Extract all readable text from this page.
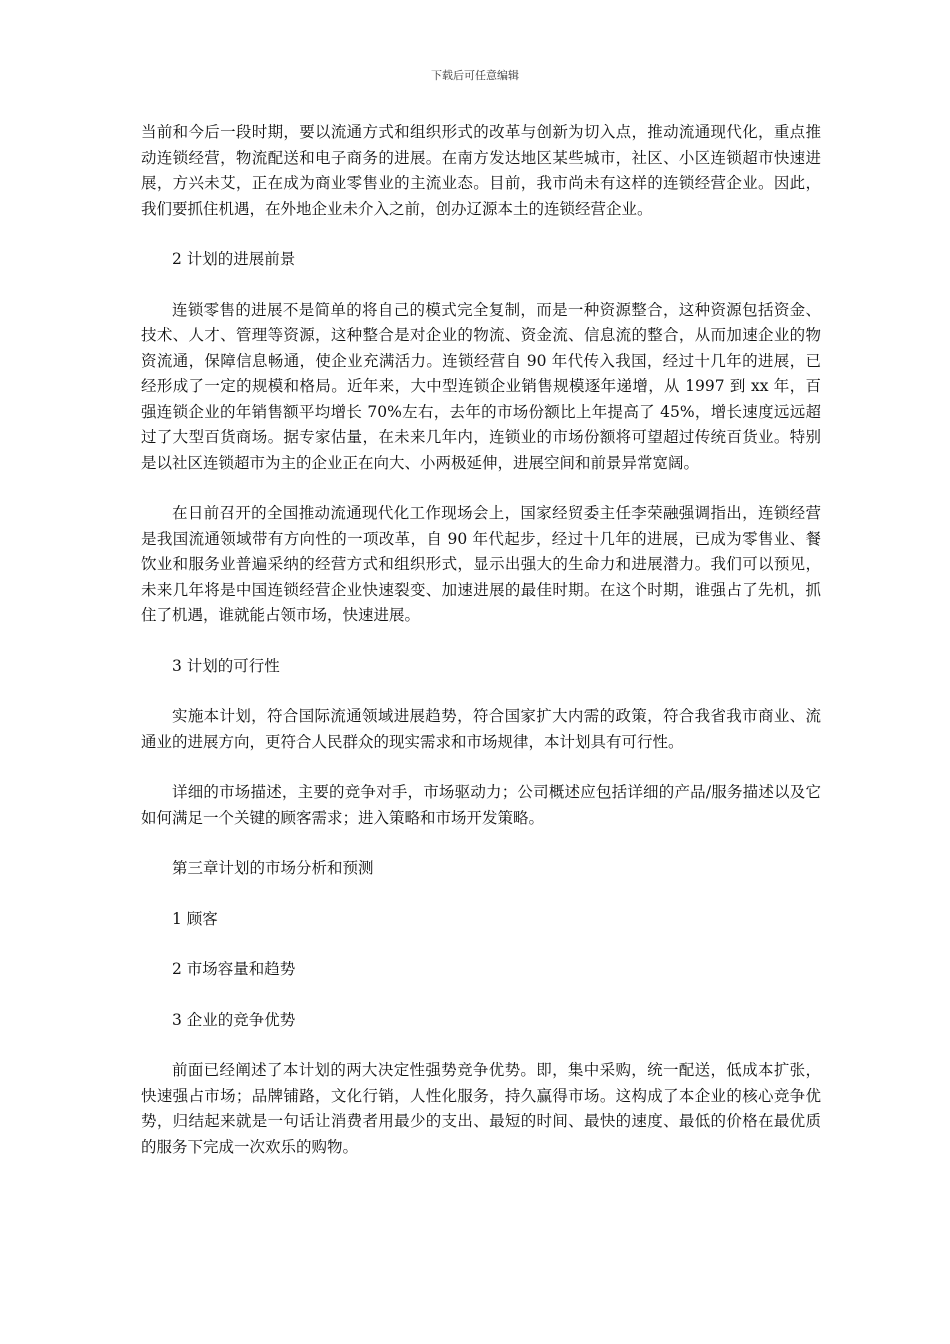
下载后可任意编辑

当前和今后一段时期，要以流通方式和组织形式的改革与创新为切入点，推动流通现代化，重点推动连锁经营，物流配送和电子商务的进展。在南方发达地区某些城市，社区、小区连锁超市快速进展，方兴未艾，正在成为商业零售业的主流业态。目前，我市尚未有这样的连锁经营企业。因此，我们要抓住机遇，在外地企业未介入之前，创办辽源本土的连锁经营企业。

2 计划的进展前景

连锁零售的进展不是简单的将自己的模式完全复制，而是一种资源整合，这种资源包括资金、技术、人才、管理等资源，这种整合是对企业的物流、资金流、信息流的整合，从而加速企业的物资流通，保障信息畅通，使企业充满活力。连锁经营自 90 年代传入我国，经过十几年的进展，已经形成了一定的规模和格局。近年来，大中型连锁企业销售规模逐年递增，从 1997 到 xx 年，百强连锁企业的年销售额平均增长 70%左右，去年的市场份额比上年提高了 45%，增长速度远远超过了大型百货商场。据专家估量，在未来几年内，连锁业的市场份额将可望超过传统百货业。特别是以社区连锁超市为主的企业正在向大、小两极延伸，进展空间和前景异常宽阔。

在日前召开的全国推动流通现代化工作现场会上，国家经贸委主任李荣融强调指出，连锁经营是我国流通领域带有方向性的一项改革，自 90 年代起步，经过十几年的进展，已成为零售业、餐饮业和服务业普遍采纳的经营方式和组织形式，显示出强大的生命力和进展潜力。我们可以预见，未来几年将是中国连锁经营企业快速裂变、加速进展的最佳时期。在这个时期，谁强占了先机，抓住了机遇，谁就能占领市场，快速进展。

3 计划的可行性

实施本计划，符合国际流通领域进展趋势，符合国家扩大内需的政策，符合我省我市商业、流通业的进展方向，更符合人民群众的现实需求和市场规律，本计划具有可行性。

详细的市场描述，主要的竞争对手，市场驱动力；公司概述应包括详细的产品/服务描述以及它如何满足一个关键的顾客需求；进入策略和市场开发策略。

第三章计划的市场分析和预测

1 顾客

2 市场容量和趋势

3 企业的竞争优势

前面已经阐述了本计划的两大决定性强势竞争优势。即，集中采购，统一配送，低成本扩张，快速强占市场；品牌铺路，文化行销，人性化服务，持久赢得市场。这构成了本企业的核心竞争优势，归结起来就是一句话让消费者用最少的支出、最短的时间、最快的速度、最低的价格在最优质的服务下完成一次欢乐的购物。
